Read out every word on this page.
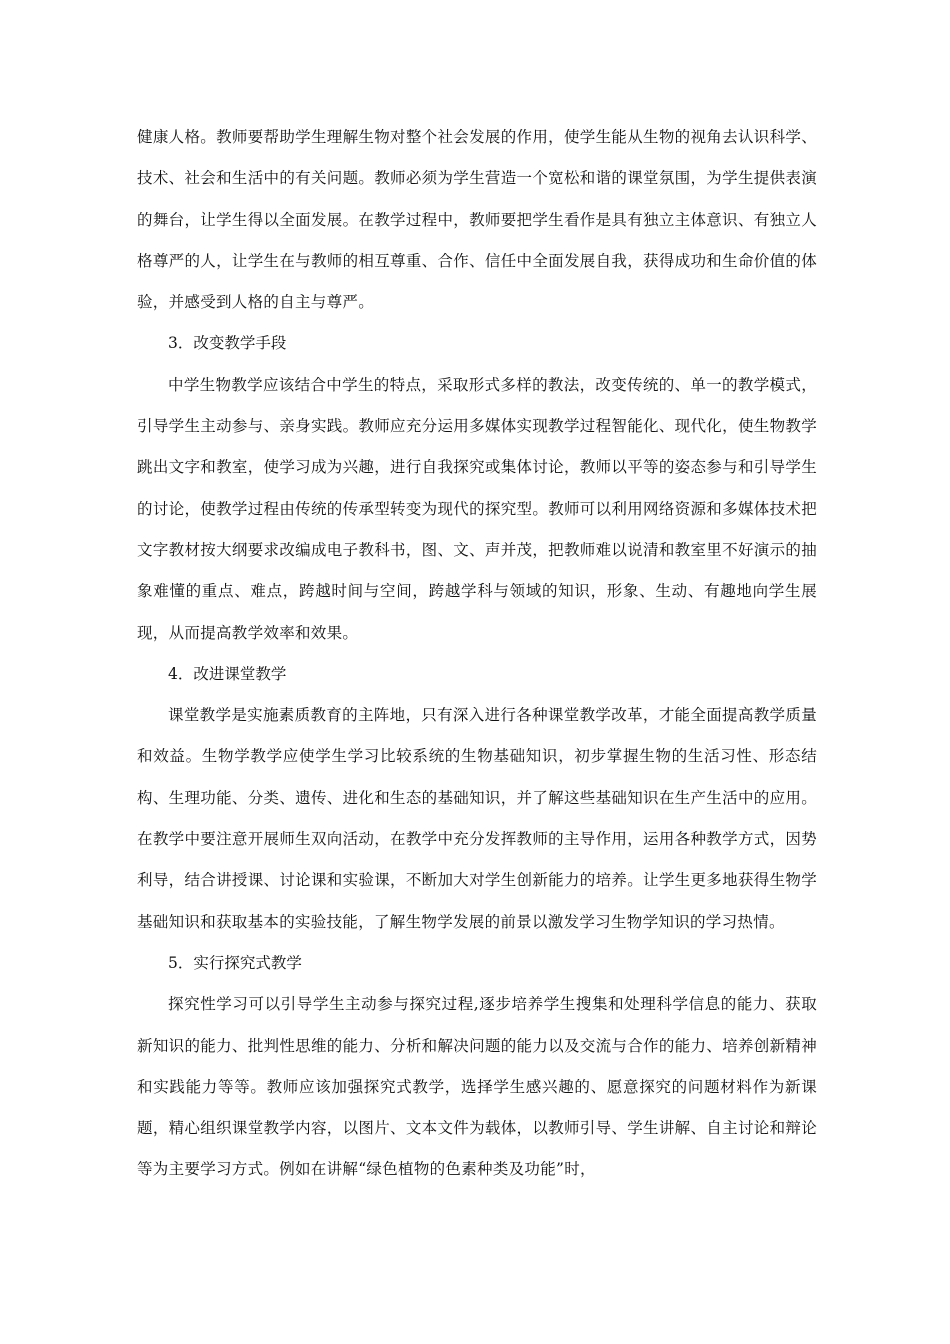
健康人格。教师要帮助学生理解生物对整个社会发展的作用，使学生能从生物的视角去认识科学、技术、社会和生活中的有关问题。教师必须为学生营造一个宽松和谐的课堂氛围，为学生提供表演的舞台，让学生得以全面发展。在教学过程中，教师要把学生看作是具有独立主体意识、有独立人格尊严的人，让学生在与教师的相互尊重、合作、信任中全面发展自我，获得成功和生命价值的体验，并感受到人格的自主与尊严。

3．改变教学手段

中学生物教学应该结合中学生的特点，采取形式多样的教法，改变传统的、单一的教学模式，引导学生主动参与、亲身实践。教师应充分运用多媒体实现教学过程智能化、现代化，使生物教学跳出文字和教室，使学习成为兴趣，进行自我探究或集体讨论，教师以平等的姿态参与和引导学生的讨论，使教学过程由传统的传承型转变为现代的探究型。教师可以利用网络资源和多媒体技术把文字教材按大纲要求改编成电子教科书，图、文、声并茂，把教师难以说清和教室里不好演示的抽象难懂的重点、难点，跨越时间与空间，跨越学科与领域的知识，形象、生动、有趣地向学生展现，从而提高教学效率和效果。

4．改进课堂教学

课堂教学是实施素质教育的主阵地，只有深入进行各种课堂教学改革，才能全面提高教学质量和效益。生物学教学应使学生学习比较系统的生物基础知识，初步掌握生物的生活习性、形态结构、生理功能、分类、遗传、进化和生态的基础知识，并了解这些基础知识在生产生活中的应用。在教学中要注意开展师生双向活动，在教学中充分发挥教师的主导作用，运用各种教学方式，因势利导，结合讲授课、讨论课和实验课，不断加大对学生创新能力的培养。让学生更多地获得生物学基础知识和获取基本的实验技能，了解生物学发展的前景以激发学习生物学知识的学习热情。

5．实行探究式教学

探究性学习可以引导学生主动参与探究过程,逐步培养学生搜集和处理科学信息的能力、获取新知识的能力、批判性思维的能力、分析和解决问题的能力以及交流与合作的能力、培养创新精神和实践能力等等。教师应该加强探究式教学，选择学生感兴趣的、愿意探究的问题材料作为新课题，精心组织课堂教学内容，以图片、文本文件为载体，以教师引导、学生讲解、自主讨论和辩论等为主要学习方式。例如在讲解“绿色植物的色素种类及功能”时，
